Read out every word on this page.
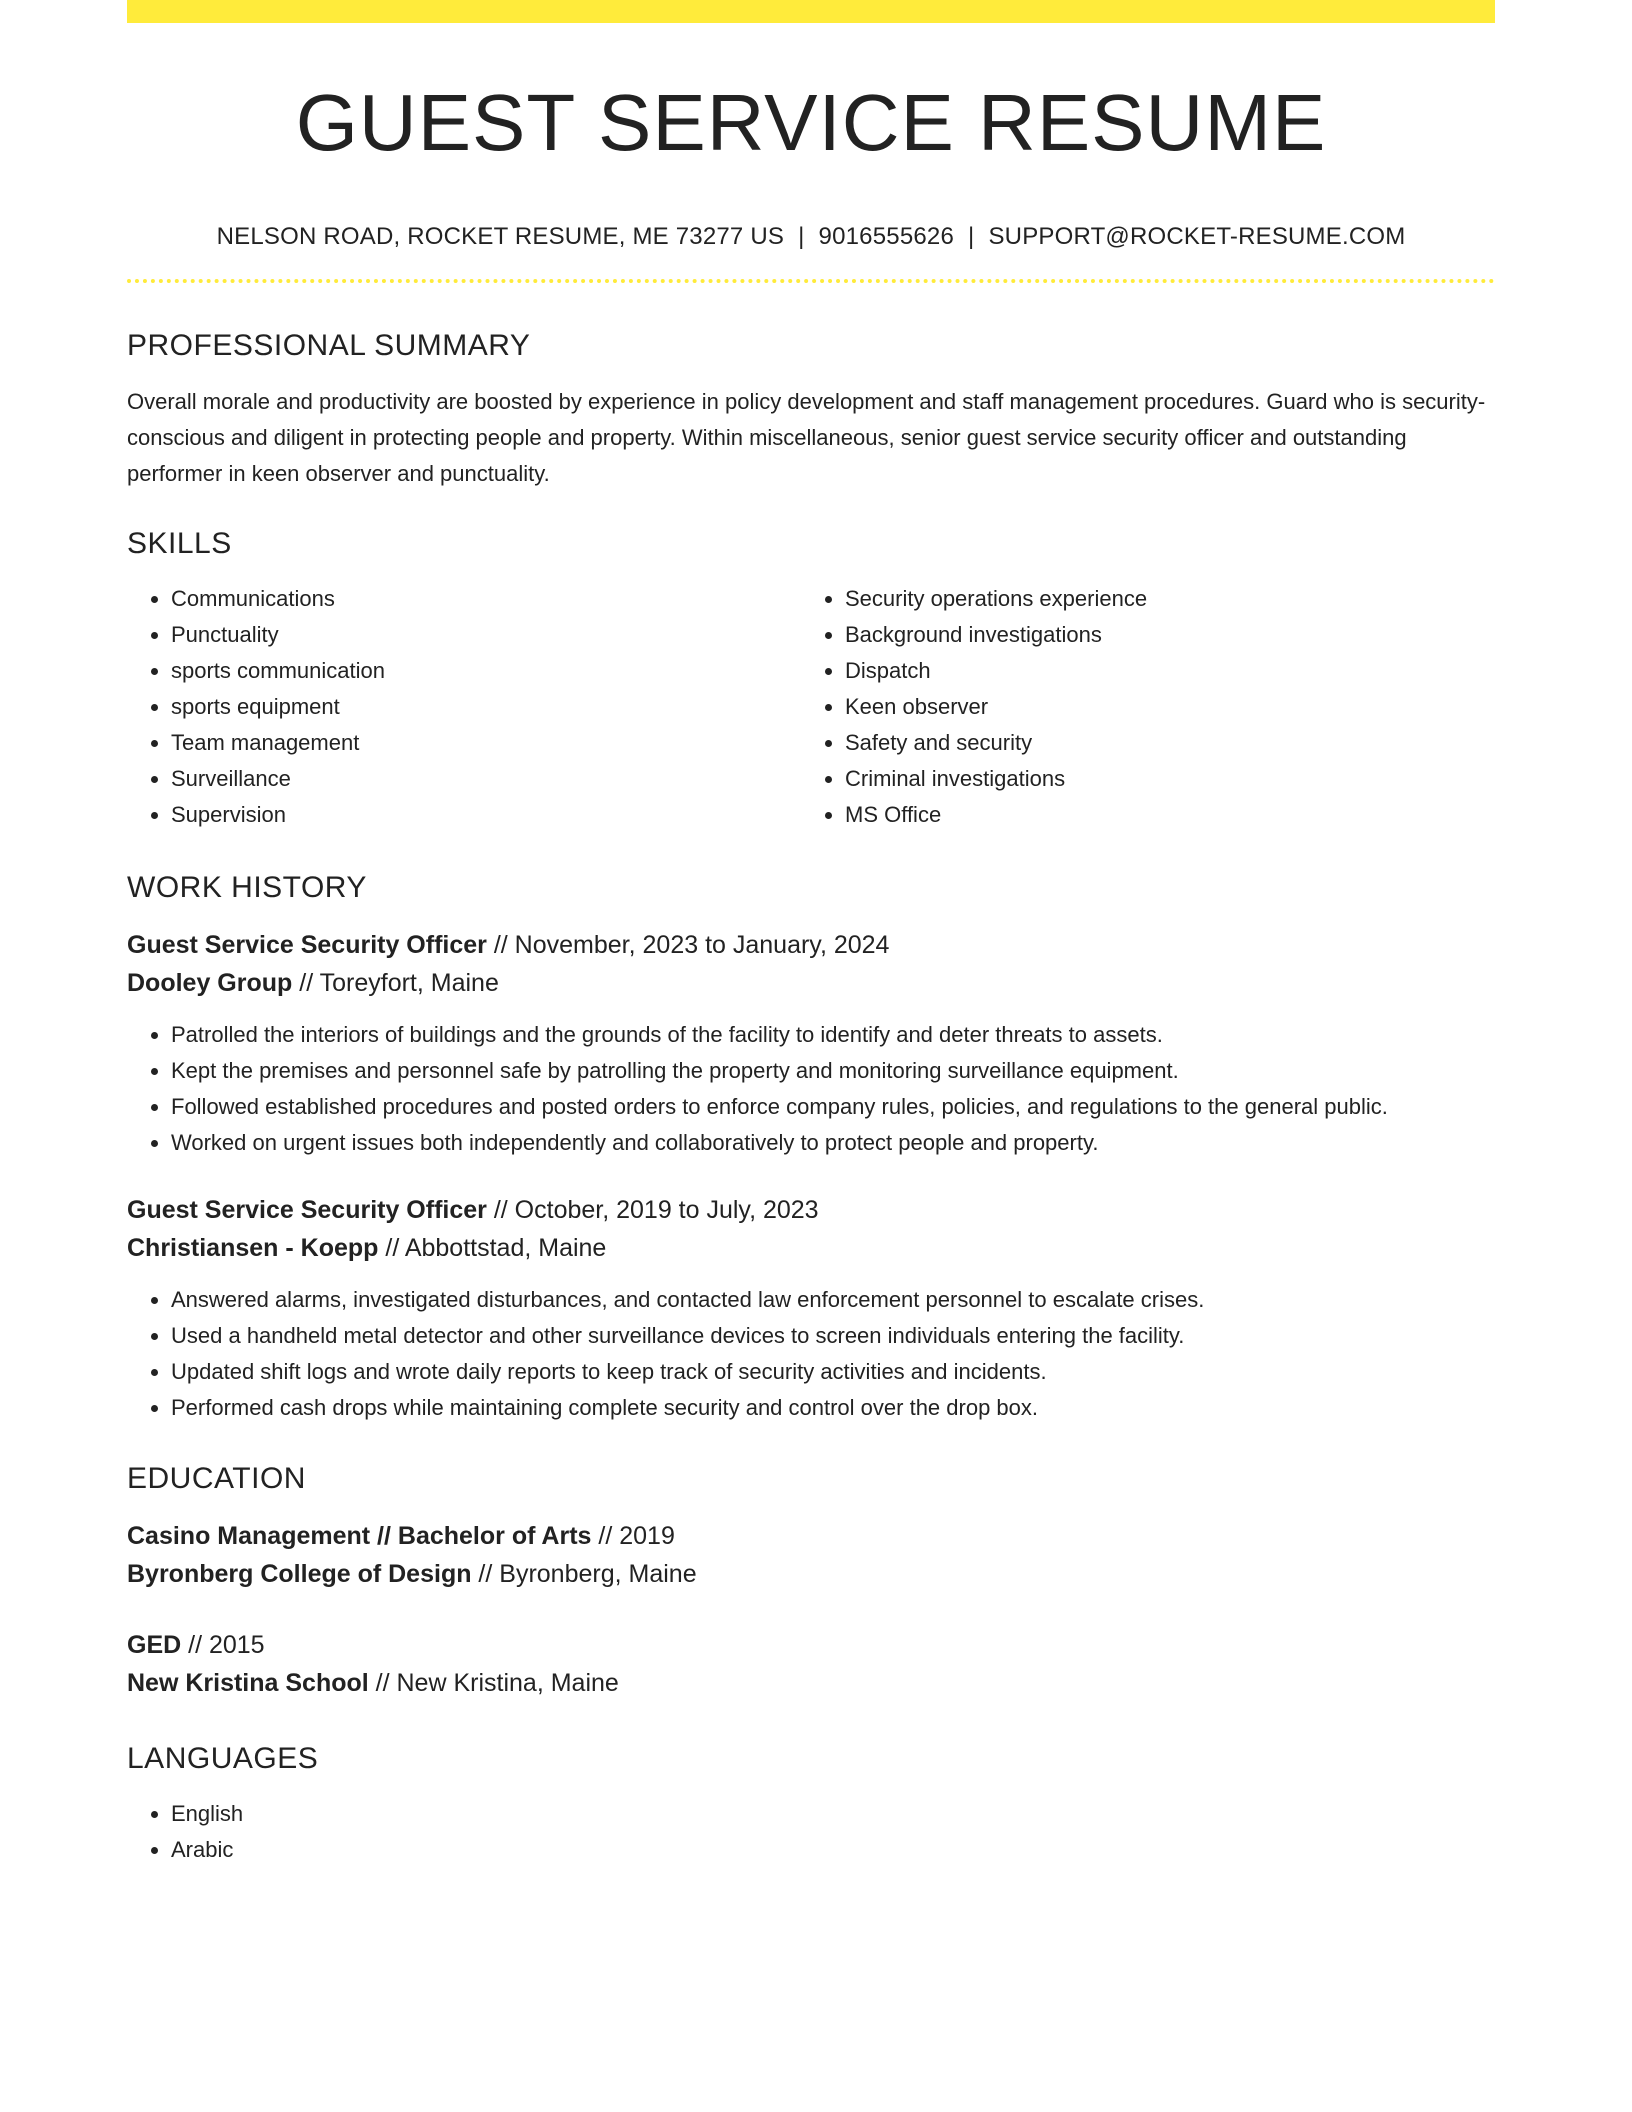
GUEST SERVICE RESUME
NELSON ROAD, ROCKET RESUME, ME 73277 US | 9016555626 | SUPPORT@ROCKET-RESUME.COM
PROFESSIONAL SUMMARY

Overall morale and productivity are boosted by experience in policy development and staff management procedures. Guard who is security-conscious and diligent in protecting people and property. Within miscellaneous, senior guest service security officer and outstanding performer in keen observer and punctuality.

SKILLS
• Communications
• Punctuality
• sports communication
• sports equipment
• Team management
• Surveillance
• Supervision
• Security operations experience
• Background investigations
• Dispatch
• Keen observer
• Safety and security
• Criminal investigations
• MS Office
WORK HISTORY
Guest Service Security Officer // November, 2023 to January, 2024
Dooley Group // Toreyfort, Maine
• Patrolled the interiors of buildings and the grounds of the facility to identify and deter threats to assets.
• Kept the premises and personnel safe by patrolling the property and monitoring surveillance equipment.
• Followed established procedures and posted orders to enforce company rules, policies, and regulations to the general public.
• Worked on urgent issues both independently and collaboratively to protect people and property.
Guest Service Security Officer // October, 2019 to July, 2023
Christiansen - Koepp // Abbottstad, Maine
• Answered alarms, investigated disturbances, and contacted law enforcement personnel to escalate crises.
• Used a handheld metal detector and other surveillance devices to screen individuals entering the facility.
• Updated shift logs and wrote daily reports to keep track of security activities and incidents.
• Performed cash drops while maintaining complete security and control over the drop box.
EDUCATION
Casino Management // Bachelor of Arts // 2019
Byronberg College of Design // Byronberg, Maine
GED // 2015
New Kristina School // New Kristina, Maine
LANGUAGES
• English
• Arabic
